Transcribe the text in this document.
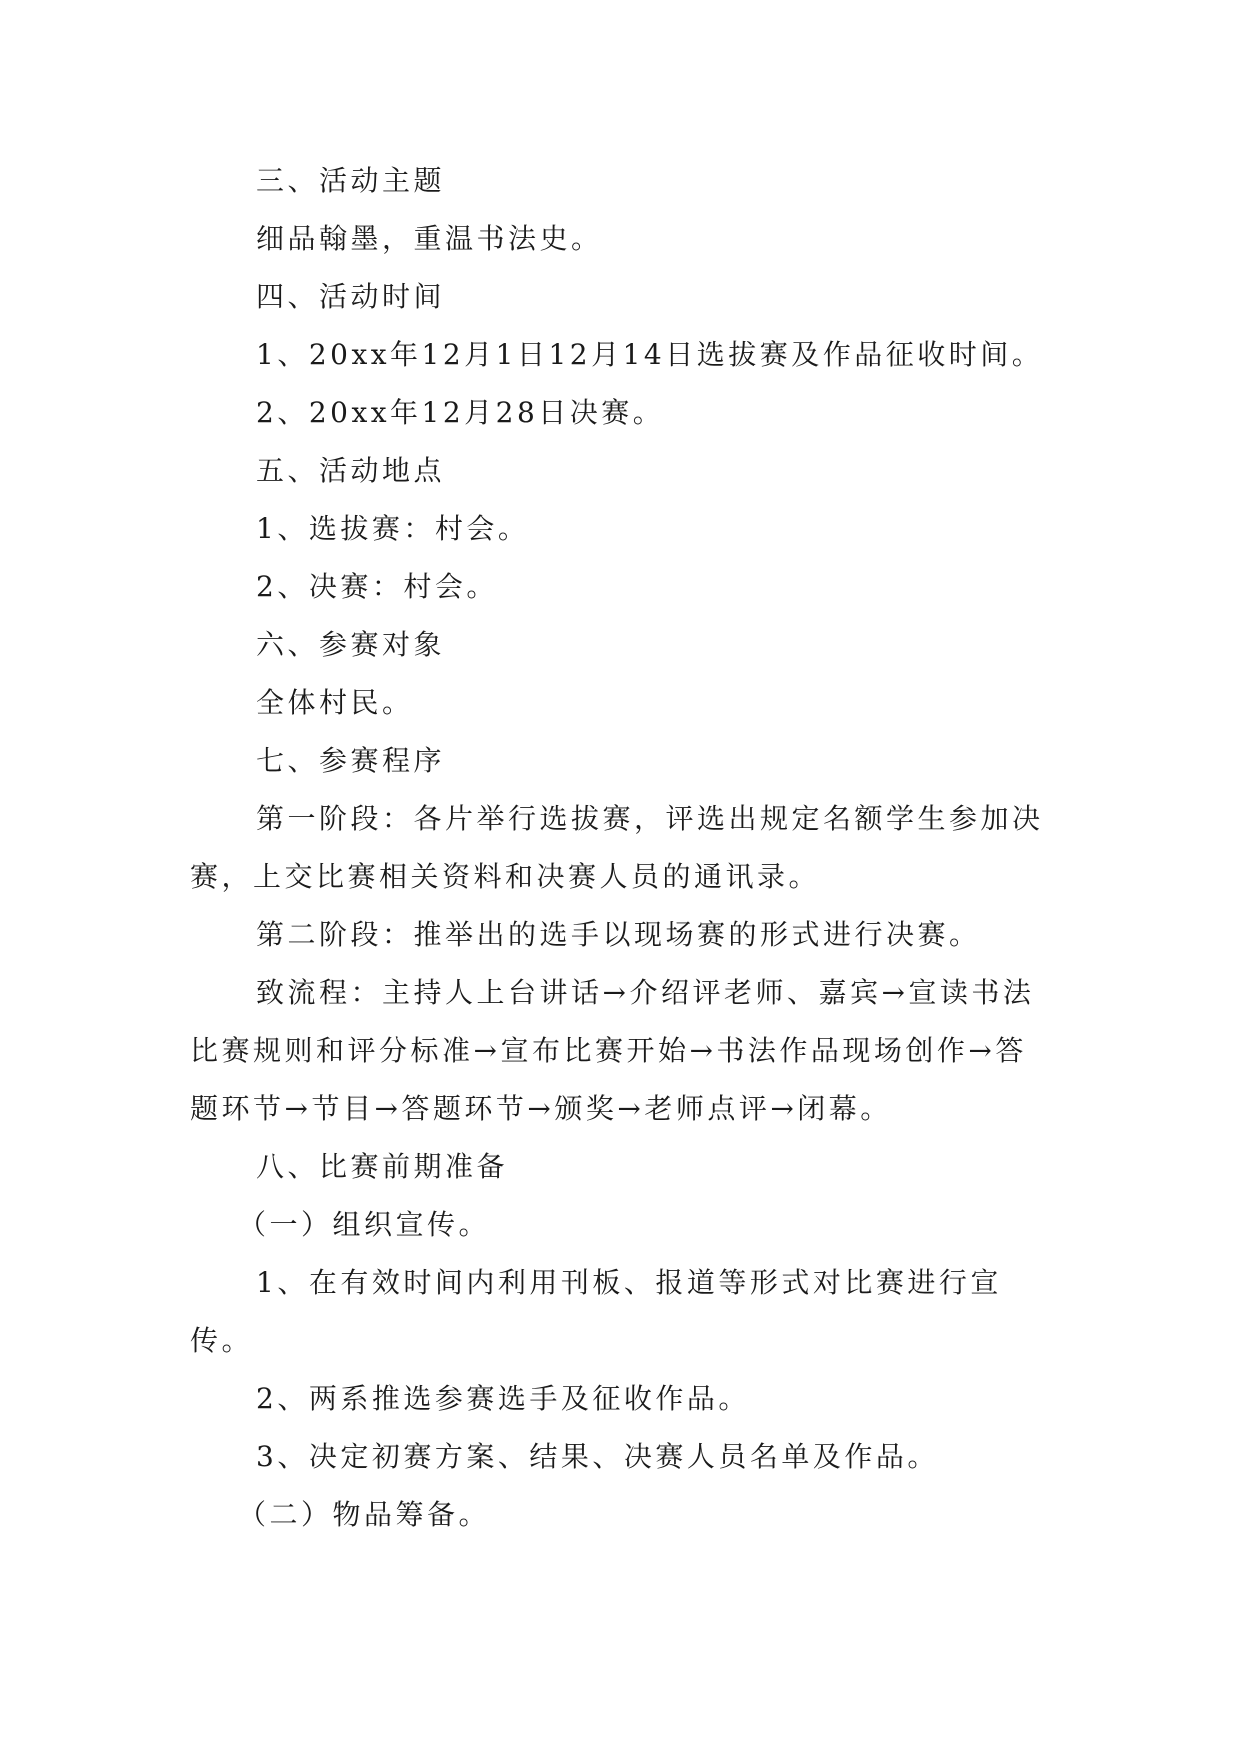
三、活动主题

细品翰墨，重温书法史。

四、活动时间

1、20xx年12月1日12月14日选拔赛及作品征收时间。

2、20xx年12月28日决赛。

五、活动地点

1、选拔赛：村会。

2、决赛：村会。

六、参赛对象

全体村民。

七、参赛程序

第一阶段：各片举行选拔赛，评选出规定名额学生参加决赛，上交比赛相关资料和决赛人员的通讯录。

第二阶段：推举出的选手以现场赛的形式进行决赛。

致流程：主持人上台讲话→介绍评老师、嘉宾→宣读书法比赛规则和评分标准→宣布比赛开始→书法作品现场创作→答题环节→节目→答题环节→颁奖→老师点评→闭幕。

八、比赛前期准备

（一）组织宣传。

1、在有效时间内利用刊板、报道等形式对比赛进行宣传。

2、两系推选参赛选手及征收作品。

3、决定初赛方案、结果、决赛人员名单及作品。

（二）物品筹备。
